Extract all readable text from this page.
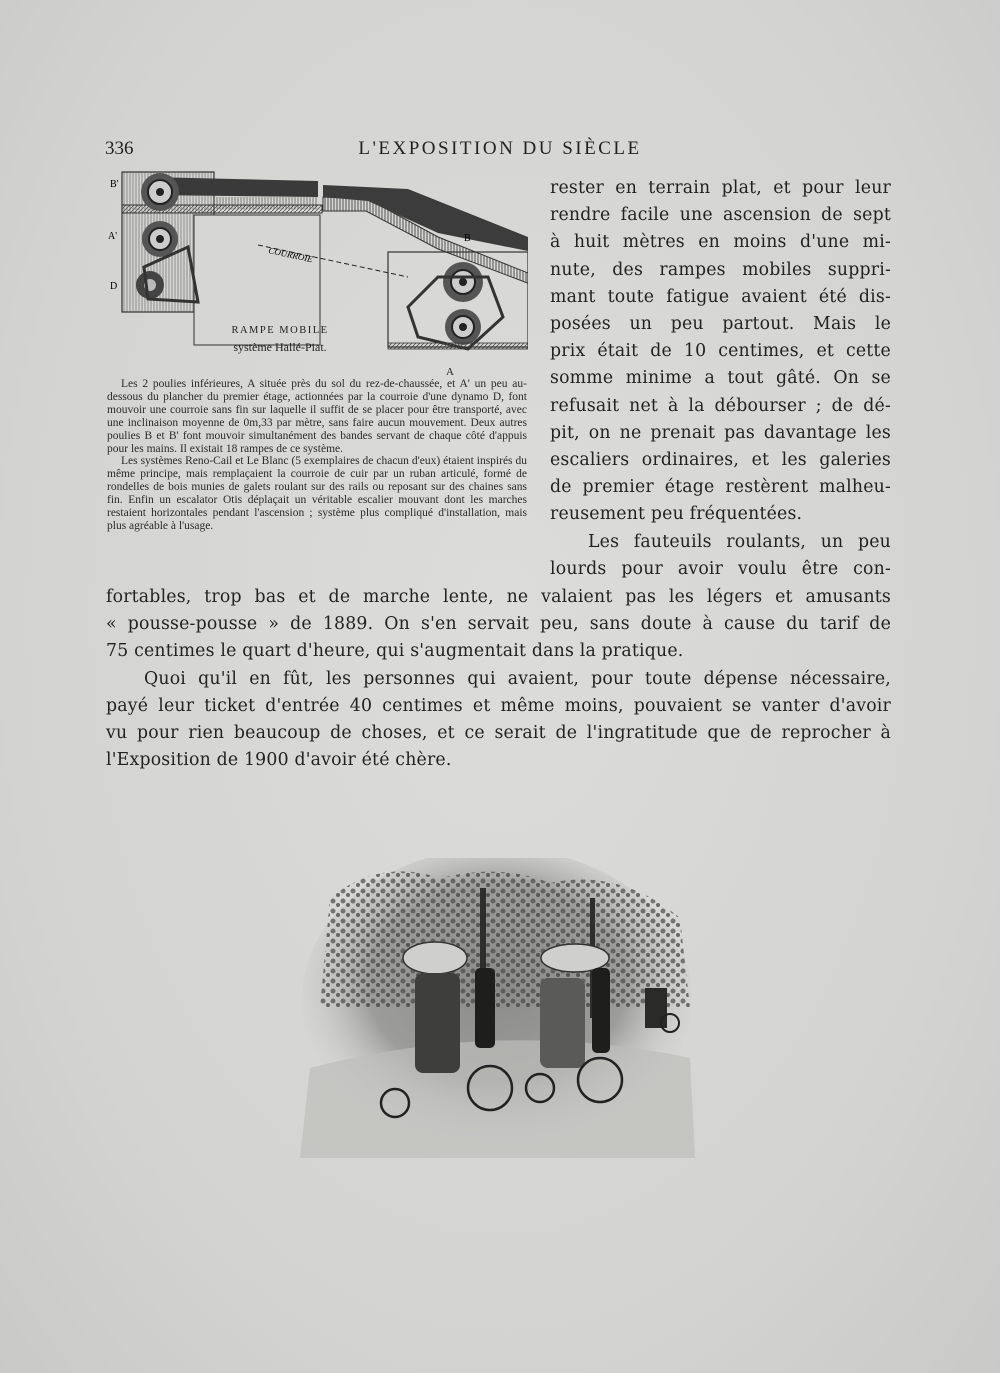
336	L'EXPOSITION DU SIÈCLE
B'
A'
D
B
COURROIE
RAMPE MOBILE
système Hallé-Piat.
A

Les 2 poulies inférieures, A située près du sol du rez-de-chaussée, et A' un peu au-dessous du plancher du premier étage, actionnées par la courroie d'une dynamo D, font mouvoir une courroie sans fin sur laquelle il suffit de se placer pour être transporté, avec une inclinaison moyenne de 0m,33 par mètre, sans faire aucun mouvement. Deux autres poulies B et B' font mouvoir simultanément des bandes servant de chaque côté d'appuis pour les mains. Il existait 18 rampes de ce système.

Les systèmes Reno-Cail et Le Blanc (5 exemplaires de chacun d'eux) étaient inspirés du même principe, mais remplaçaient la courroie de cuir par un ruban articulé, formé de rondelles de bois munies de galets roulant sur des rails ou reposant sur des chaines sans fin. Enfin un escalator Otis déplaçait un véritable escalier mouvant dont les marches restaient horizontales pendant l'ascension ; système plus compliqué d'installation, mais plus agréable à l'usage.

rester en terrain plat, et pour leur
rendre facile une ascension de sept
à huit mètres en moins d'une mi-
nute, des rampes mobiles suppri-
mant toute fatigue avaient été dis-
posées un peu partout. Mais le
prix était de 10 centimes, et cette
somme minime a tout gâté. On se
refusait net à la débourser ; de dé-
pit, on ne prenait pas davantage les
escaliers ordinaires, et les galeries
de premier étage restèrent malheu-
reusement peu fréquentées.

Les fauteuils roulants, un peu
lourds pour avoir voulu être con-

fortables, trop bas et de marche lente, ne valaient pas les légers et amusants
« pousse-pousse » de 1889. On s'en servait peu, sans doute à cause du tarif de
75 centimes le quart d'heure, qui s'augmentait dans la pratique.

Quoi qu'il en fût, les personnes qui avaient, pour toute dépense nécessaire,
payé leur ticket d'entrée 40 centimes et même moins, pouvaient se vanter d'avoir
vu pour rien beaucoup de choses, et ce serait de l'ingratitude que de reprocher à
l'Exposition de 1900 d'avoir été chère.
